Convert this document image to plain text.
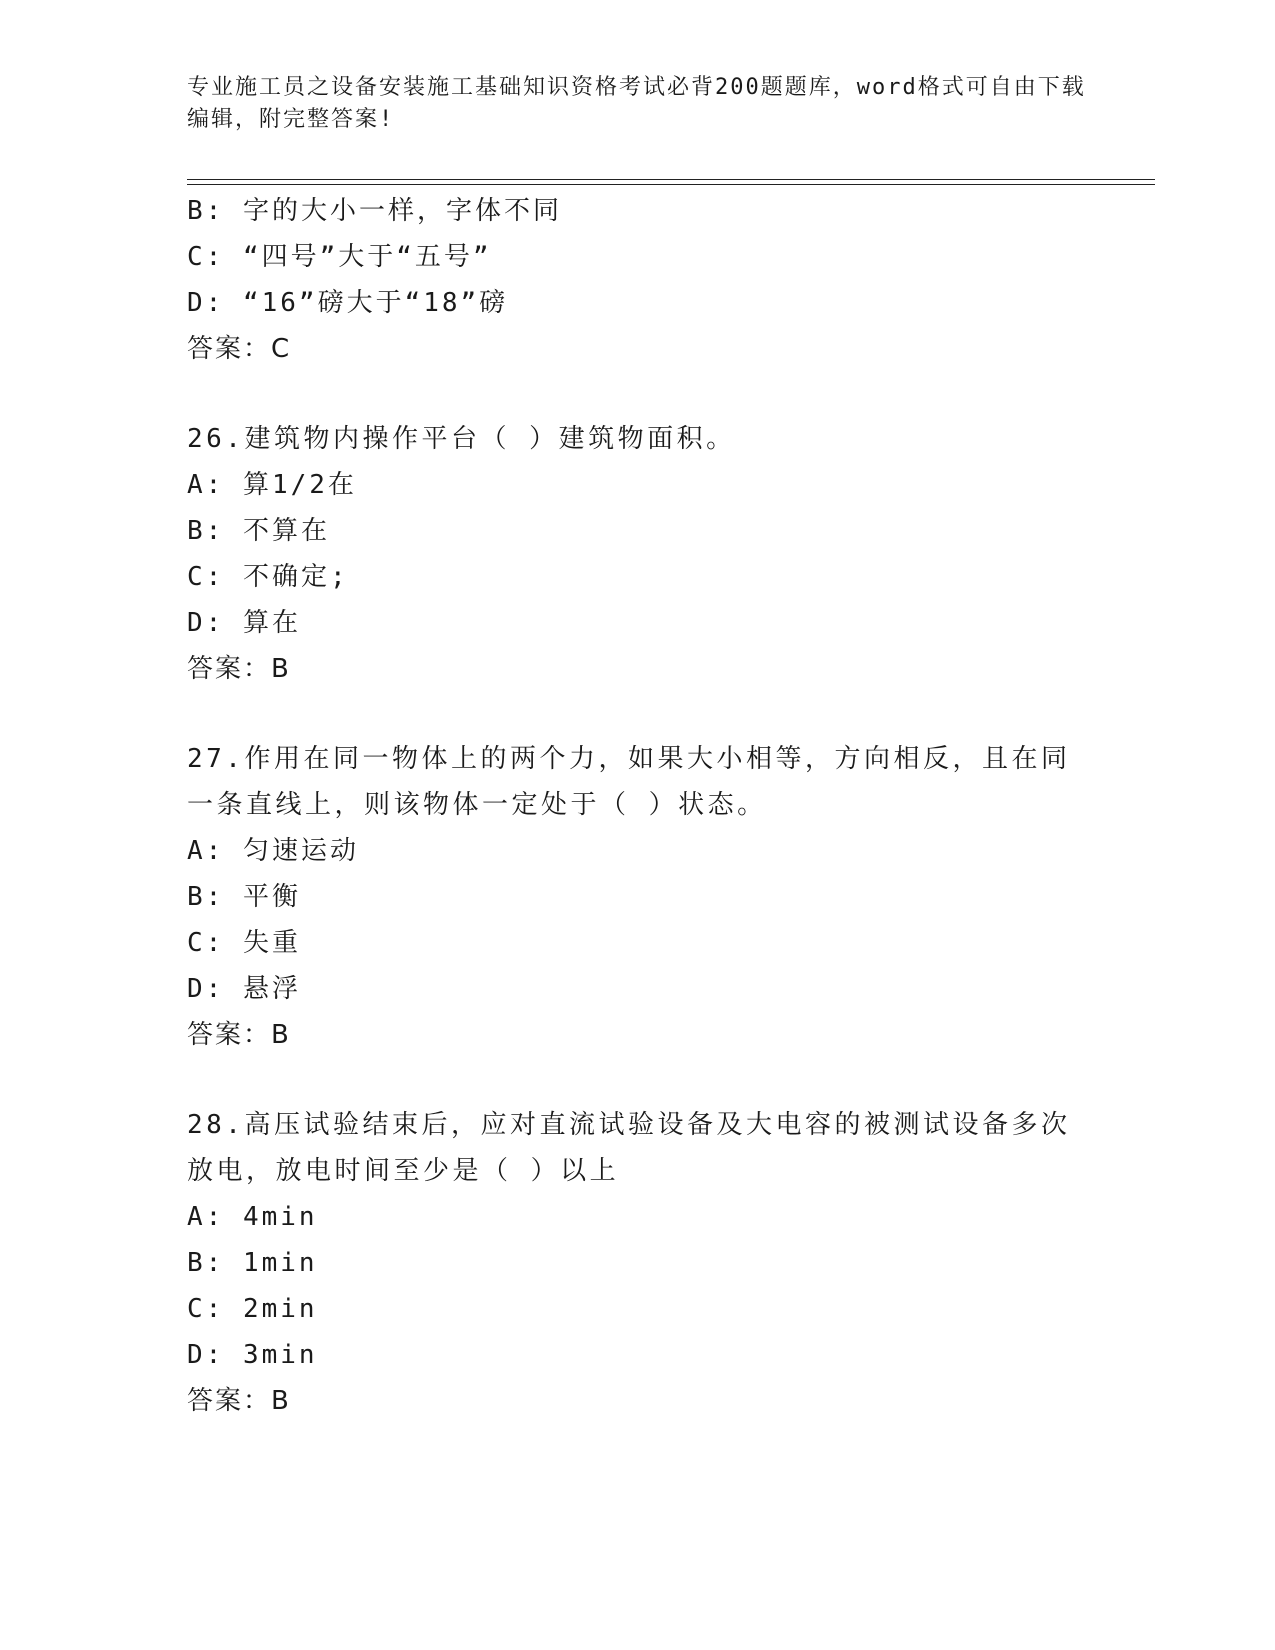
专业施工员之设备安装施工基础知识资格考试必背200题题库，word格式可自由下载编辑，附完整答案!
B: 字的大小一样，字体不同
C: “四号”大于“五号”
D: “16”磅大于“18”磅
答案：C
26.建筑物内操作平台（ ）建筑物面积。
A: 算1/2在
B: 不算在
C: 不确定;
D: 算在
答案：B
27.作用在同一物体上的两个力，如果大小相等，方向相反，且在同一条直线上，则该物体一定处于（ ）状态。
A: 匀速运动
B: 平衡
C: 失重
D: 悬浮
答案：B
28.高压试验结束后，应对直流试验设备及大电容的被测试设备多次放电，放电时间至少是（ ）以上
A: 4min
B: 1min
C: 2min
D: 3min
答案：B
